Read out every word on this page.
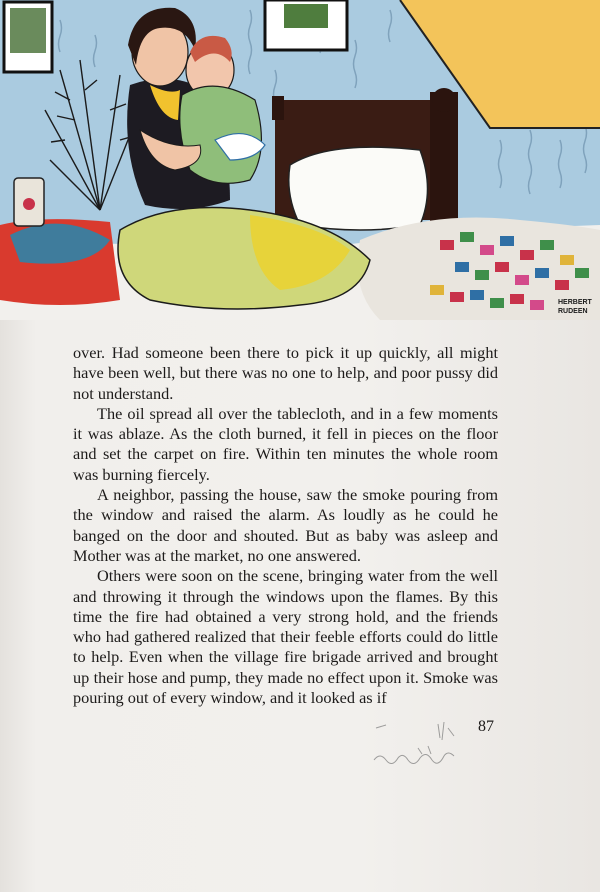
HERBERT
RUDEEN

over. Had someone been there to pick it up quickly, all might have been well, but there was no one to help, and poor pussy did not understand.

The oil spread all over the tablecloth, and in a few moments it was ablaze. As the cloth burned, it fell in pieces on the floor and set the carpet on fire. Within ten minutes the whole room was burning fiercely.

A neighbor, passing the house, saw the smoke pouring from the window and raised the alarm. As loudly as he could he banged on the door and shouted. But as baby was asleep and Mother was at the market, no one answered.

Others were soon on the scene, bringing water from the well and throwing it through the windows upon the flames. By this time the fire had obtained a very strong hold, and the friends who had gathered realized that their feeble efforts could do little to help. Even when the village fire brigade arrived and brought up their hose and pump, they made no effect upon it. Smoke was pouring out of every window, and it looked as if

87
